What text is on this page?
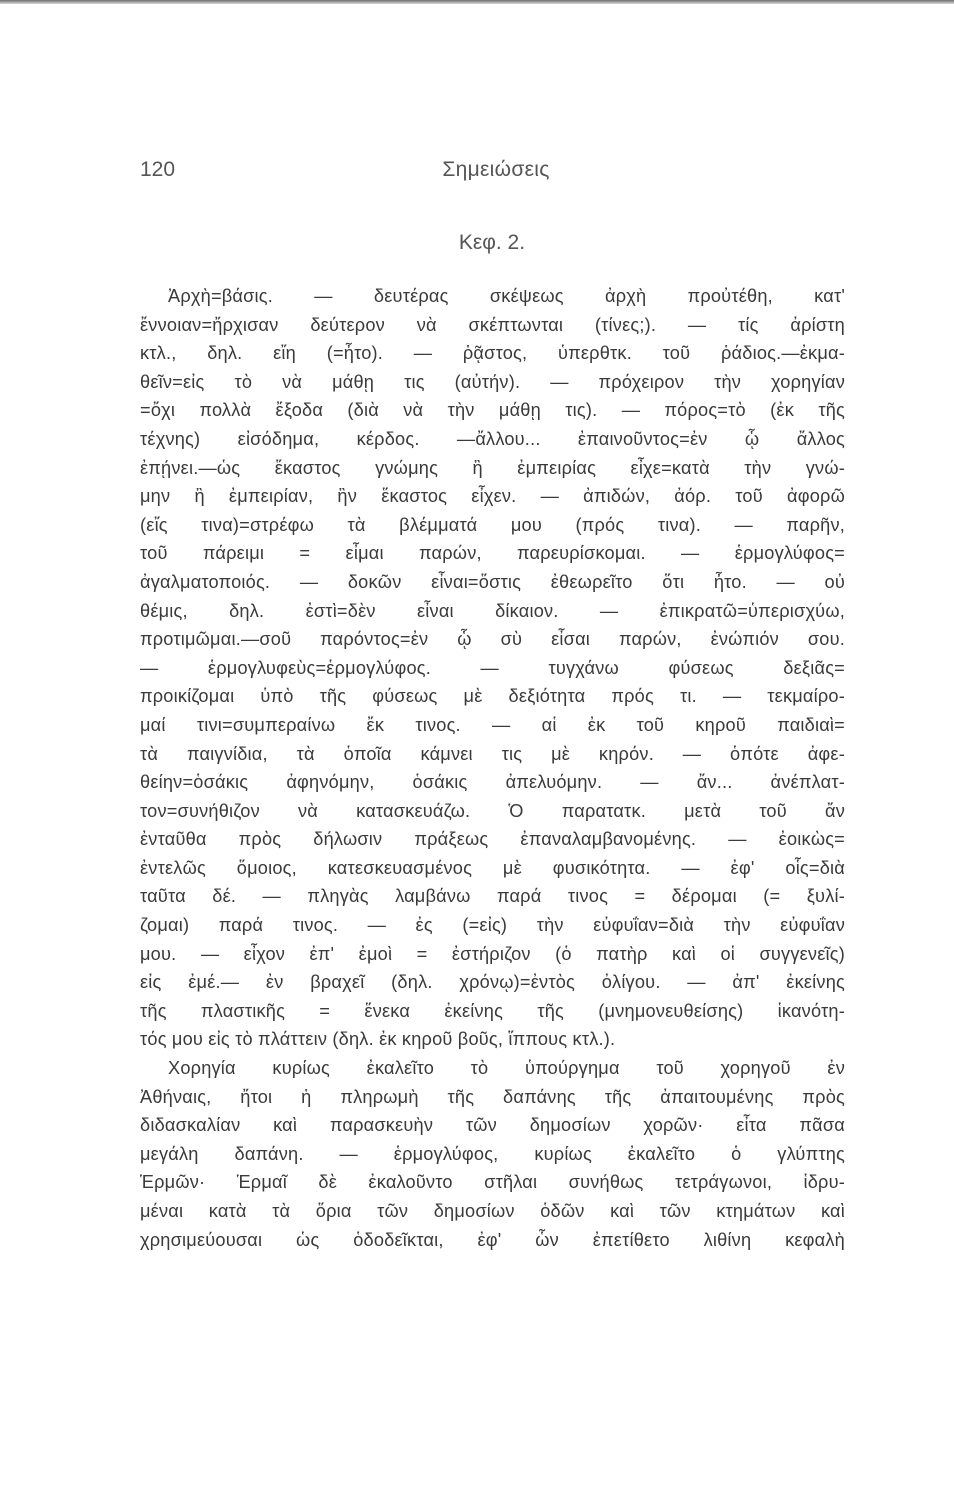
120	Σημειώσεις
Κεφ. 2.
Ἀρχὴ=βάσις. — δευτέρας σκέψεως ἀρχὴ προὐτέθη, κατ'
ἔννοιαν=ἤρχισαν δεύτερον νὰ σκέπτωνται (τίνες;). — τίς ἀρίστη
κτλ., δηλ. εἴη (=ἦτο). — ῥᾷστος, ὑπερθτκ. τοῦ ῥάδιος.—ἐκμα-
θεῖν=εἰς τὸ νὰ μάθῃ τις (αὐτήν). — πρόχειρον τὴν χορηγίαν
=ὄχι πολλὰ ἔξοδα (διὰ νὰ τὴν μάθῃ τις). — πόρος=τὸ (ἐκ τῆς
τέχνης) εἰσόδημα, κέρδος. —ἄλλου... ἐπαινοῦντος=ἐν ᾧ ἄλλος
ἐπῄνει.—ὡς ἕκαστος γνώμης ἢ ἐμπειρίας εἶχε=κατὰ τὴν γνώ-
μην ἢ ἐμπειρίαν, ἣν ἕκαστος εἶχεν. — ἀπιδών, ἀόρ. τοῦ ἀφορῶ
(εἴς τινα)=στρέφω τὰ βλέμματά μου (πρός τινα). — παρῆν,
τοῦ πάρειμι = εἶμαι παρών, παρευρίσκομαι. — ἑρμογλύφος=
ἀγαλματοποιός. — δοκῶν εἶναι=ὅστις ἐθεωρεῖτο ὅτι ἦτο. — οὐ
θέμις, δηλ. ἐστὶ=δὲν εἶναι δίκαιον. — ἐπικρατῶ=ὑπερισχύω,
προτιμῶμαι.—σοῦ παρόντος=ἐν ᾧ σὺ εἶσαι παρών, ἐνώπιόν σου.
— ἑρμογλυφεὺς=ἑρμογλύφος. — τυγχάνω φύσεως δεξιᾶς=
προικίζομαι ὑπὸ τῆς φύσεως μὲ δεξιότητα πρός τι. — τεκμαίρο-
μαί τινι=συμπεραίνω ἔκ τινος. — αἱ ἐκ τοῦ κηροῦ παιδιαὶ=
τὰ παιγνίδια, τὰ ὁποῖα κάμνει τις μὲ κηρόν. — ὁπότε ἀφε-
θείην=ὁσάκις ἀφηνόμην, ὁσάκις ἀπελυόμην. — ἄν... ἀνέπλατ-
τον=συνήθιζον νὰ κατασκευάζω. Ὁ παρατατκ. μετὰ τοῦ ἄν
ἐνταῦθα πρὸς δήλωσιν πράξεως ἐπαναλαμβανομένης. — ἐοικὼς=
ἐντελῶς ὅμοιος, κατεσκευασμένος μὲ φυσικότητα. — ἐφ' οἷς=διὰ
ταῦτα δέ. — πληγὰς λαμβάνω παρά τινος = δέρομαι (= ξυλί-
ζομαι) παρά τινος. — ἐς (=εἰς) τὴν εὐφυΐαν=διὰ τὴν εὐφυΐαν
μου. — εἶχον ἐπ' ἐμοὶ = ἐστήριζον (ὁ πατὴρ καὶ οἱ συγγενεῖς)
εἰς ἐμέ.— ἐν βραχεῖ (δηλ. χρόνῳ)=ἐντὸς ὀλίγου. — ἀπ' ἐκείνης
τῆς πλαστικῆς = ἕνεκα ἐκείνης τῆς (μνημονευθείσης) ἱκανότη-
τός μου εἰς τὸ πλάττειν (δηλ. ἐκ κηροῦ βοῦς, ἵππους κτλ.).
Χορηγία κυρίως ἐκαλεῖτο τὸ ὑπούργημα τοῦ χορηγοῦ ἐν
Ἀθήναις, ἤτοι ἡ πληρωμὴ τῆς δαπάνης τῆς ἀπαιτουμένης πρὸς
διδασκαλίαν καὶ παρασκευὴν τῶν δημοσίων χορῶν· εἶτα πᾶσα
μεγάλη δαπάνη. — ἑρμογλύφος, κυρίως ἐκαλεῖτο ὁ γλύπτης
Ἑρμῶν· Ἑρμαῖ δὲ ἐκαλοῦντο στῆλαι συνήθως τετράγωνοι, ἱδρυ-
μέναι κατὰ τὰ ὅρια τῶν δημοσίων ὁδῶν καὶ τῶν κτημάτων καὶ
χρησιμεύουσαι ὡς ὁδοδεῖκται, ἐφ' ὧν ἐπετίθετο λιθίνη κεφαλὴ
